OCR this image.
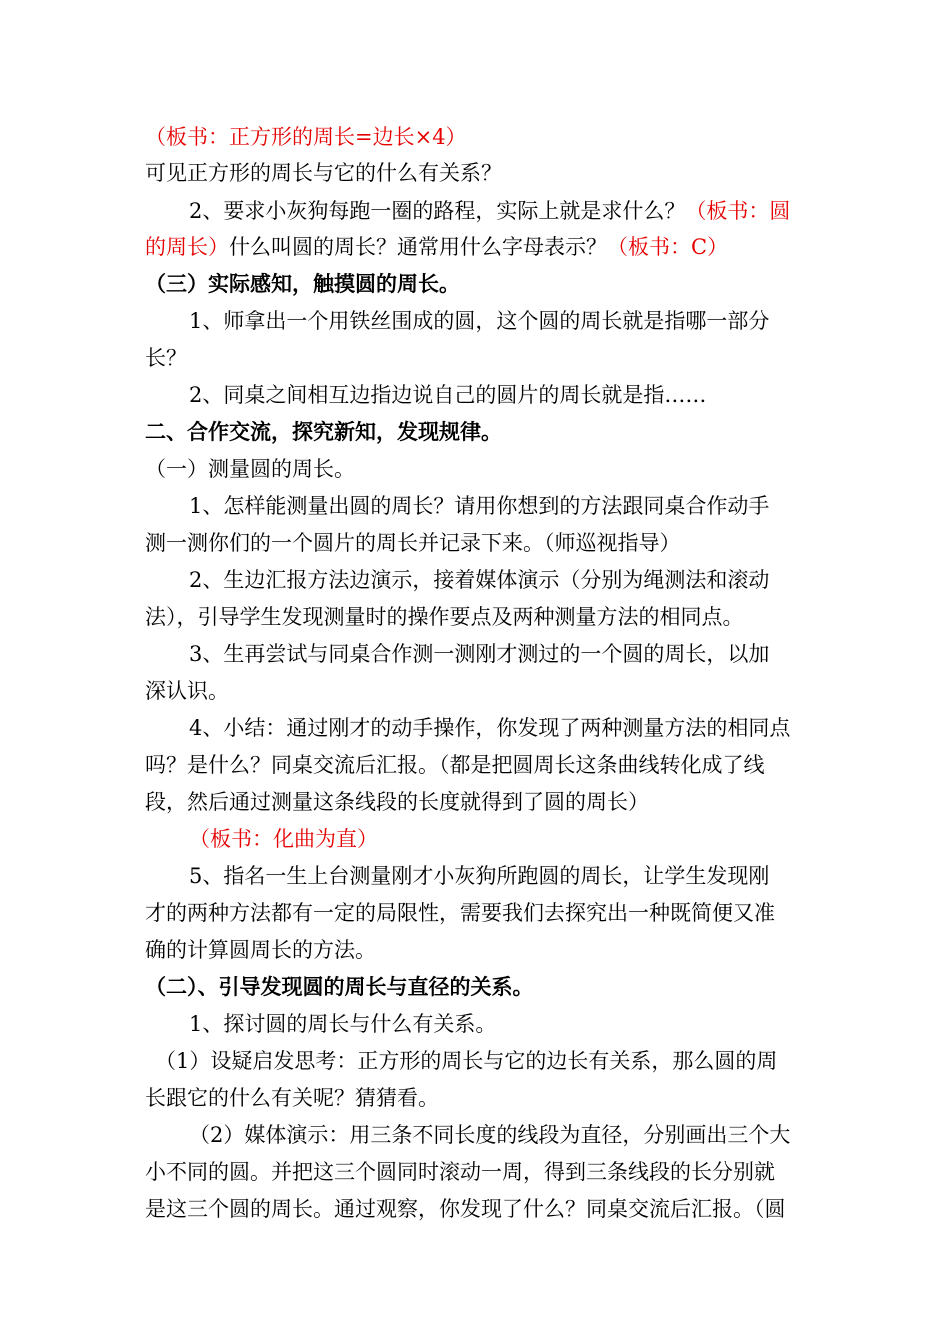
（板书：正方形的周长=边长×4）
可见正方形的周长与它的什么有关系？
2、要求小灰狗每跑一圈的路程，实际上就是求什么？（板书：圆
的周长）什么叫圆的周长？通常用什么字母表示？（板书：C）
（三）实际感知，触摸圆的周长。
1、师拿出一个用铁丝围成的圆，这个圆的周长就是指哪一部分
长？
2、同桌之间相互边指边说自己的圆片的周长就是指……
二、合作交流，探究新知，发现规律。
（一）测量圆的周长。
1、怎样能测量出圆的周长？请用你想到的方法跟同桌合作动手
测一测你们的一个圆片的周长并记录下来。（师巡视指导）
2、生边汇报方法边演示，接着媒体演示（分别为绳测法和滚动
法），引导学生发现测量时的操作要点及两种测量方法的相同点。
3、生再尝试与同桌合作测一测刚才测过的一个圆的周长，以加
深认识。
4、小结：通过刚才的动手操作，你发现了两种测量方法的相同点
吗？是什么？同桌交流后汇报。（都是把圆周长这条曲线转化成了线
段，然后通过测量这条线段的长度就得到了圆的周长）
（板书：化曲为直）
5、指名一生上台测量刚才小灰狗所跑圆的周长，让学生发现刚
才的两种方法都有一定的局限性，需要我们去探究出一种既简便又准
确的计算圆周长的方法。
（二）、引导发现圆的周长与直径的关系。
1、探讨圆的周长与什么有关系。
（1）设疑启发思考：正方形的周长与它的边长有关系，那么圆的周
长跟它的什么有关呢？猜猜看。
（2）媒体演示：用三条不同长度的线段为直径，分别画出三个大
小不同的圆。并把这三个圆同时滚动一周，得到三条线段的长分别就
是这三个圆的周长。通过观察，你发现了什么？同桌交流后汇报。（圆
